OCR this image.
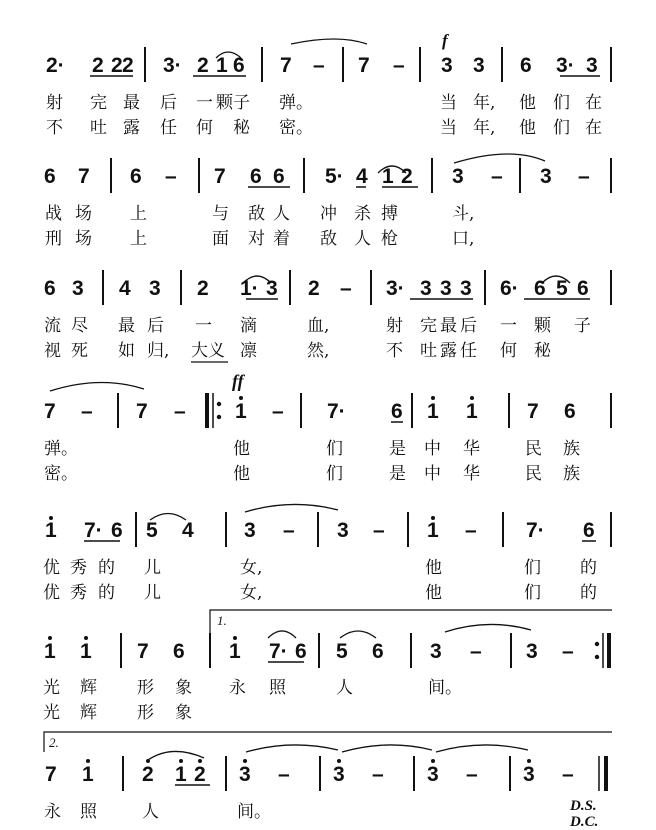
f
2· 2 2 2 3· 2 1 6 7 – 7 – 3 3 6 3· 3
射 完 最 后 一 颗 子 弹。	当 年, 他 们 在
不 吐 露 任 何 秘 密。	当 年, 他 们 在
6 7 6 – 7 6 6 5· 4 1 2 3 – 3 –
战 场 上	与 敌 人 冲 杀 搏	斗,
刑 场 上	面 对 着 敌 人 枪	口,
6 3 4 3 2 1· 3 2 – 3· 3 3 3 6· 6 5 6
流 尽 最 后 一 滴	血,	射 完 最 后 一 颗 子
视 死 如 归, 大义 凛	然,	不 吐 露 任 何 秘
ff
7 – 7 – 1 – 7· 6 1 1 7 6
弹。	他	们	是 中 华	民 族
密。	他	们	是 中 华	民 族
1 7· 6 5 4 3 – 3 – 1 – 7· 6
优 秀 的 儿	女,	他	们 的
优 秀 的 儿	女,	他	们 的
1.
1 1 7 6 1 7· 6 5 6 3 – 3 –
光 辉 形 象 永 照	人	间。
光 辉 形 象
2.
7 1 2 1 2 3 – 3 – 3 – 3 –
永 照	人	间。	D.S.
D.C.
